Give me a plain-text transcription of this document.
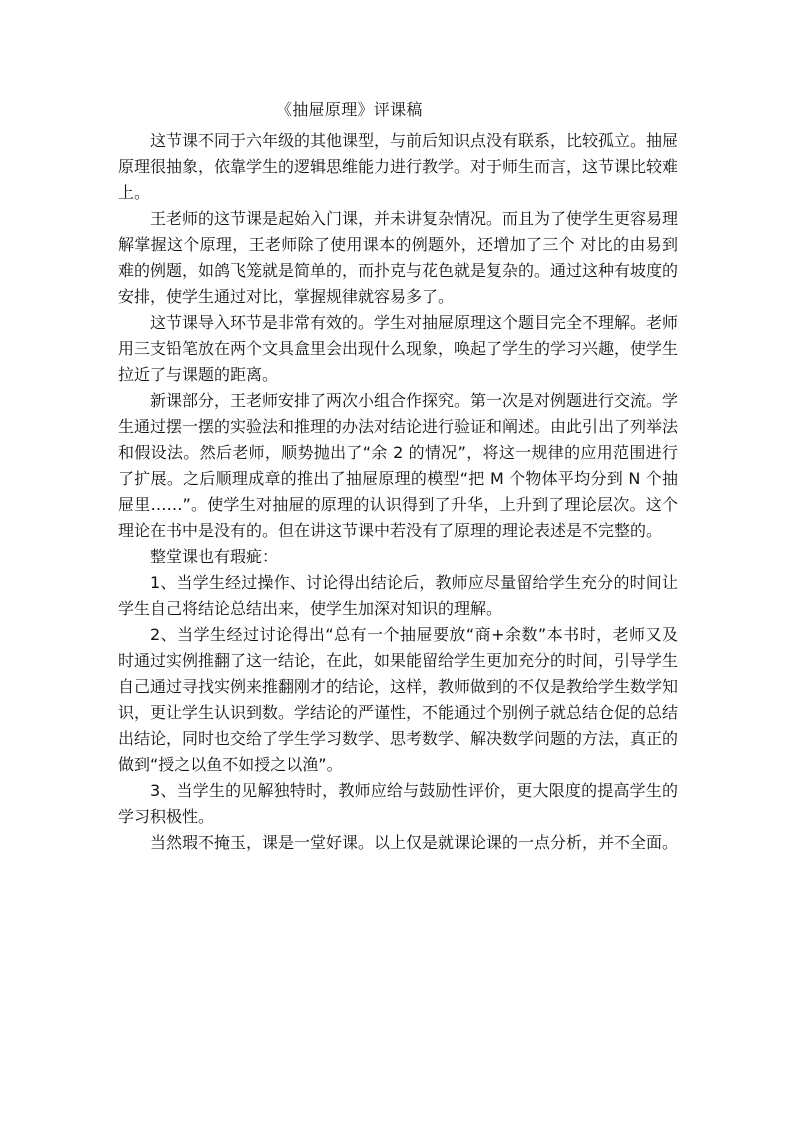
《抽屉原理》评课稿

这节课不同于六年级的其他课型，与前后知识点没有联系，比较孤立。抽屉原理很抽象，依靠学生的逻辑思维能力进行教学。对于师生而言，这节课比较难上。

王老师的这节课是起始入门课，并未讲复杂情况。而且为了使学生更容易理解掌握这个原理，王老师除了使用课本的例题外，还增加了三个 对比的由易到难的例题，如鸽飞笼就是简单的，而扑克与花色就是复杂的。通过这种有坡度的安排，使学生通过对比，掌握规律就容易多了。

这节课导入环节是非常有效的。学生对抽屉原理这个题目完全不理解。老师用三支铅笔放在两个文具盒里会出现什么现象，唤起了学生的学习兴趣，使学生拉近了与课题的距离。

新课部分，王老师安排了两次小组合作探究。第一次是对例题进行交流。学生通过摆一摆的实验法和推理的办法对结论进行验证和阐述。由此引出了列举法和假设法。然后老师，顺势抛出了“余 2 的情况”，将这一规律的应用范围进行了扩展。之后顺理成章的推出了抽屉原理的模型“把 M 个物体平均分到 N 个抽屉里……”。使学生对抽屉的原理的认识得到了升华，上升到了理论层次。这个理论在书中是没有的。但在讲这节课中若没有了原理的理论表述是不完整的。

整堂课也有瑕疵：

1、当学生经过操作、讨论得出结论后，教师应尽量留给学生充分的时间让学生自己将结论总结出来，使学生加深对知识的理解。

2、当学生经过讨论得出“总有一个抽屉要放“商+余数”本书时，老师又及时通过实例推翻了这一结论，在此，如果能留给学生更加充分的时间，引导学生自己通过寻找实例来推翻刚才的结论，这样，教师做到的不仅是教给学生数学知识，更让学生认识到数。学结论的严谨性，不能通过个别例子就总结仓促的总结出结论，同时也交给了学生学习数学、思考数学、解决数学问题的方法，真正的做到“授之以鱼不如授之以渔”。

3、当学生的见解独特时，教师应给与鼓励性评价，更大限度的提高学生的学习积极性。

当然瑕不掩玉，课是一堂好课。以上仅是就课论课的一点分析，并不全面。
